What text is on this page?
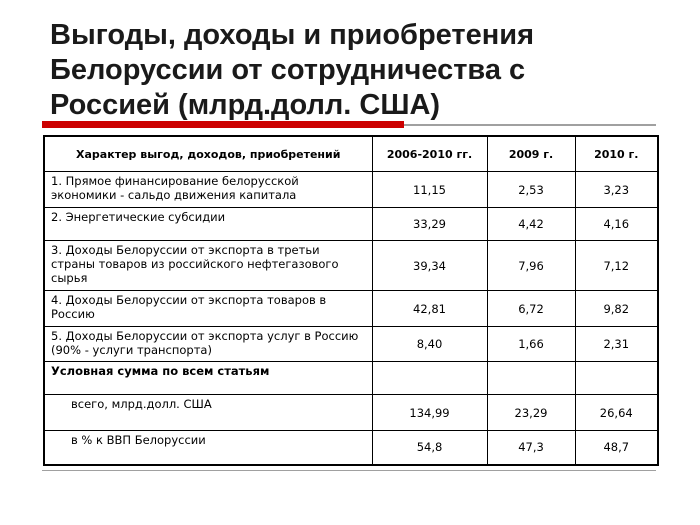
Выгоды, доходы и приобретения
Белоруссии от сотрудничества с
Россией (млрд.долл. США)
Характер выгод, доходов, приобретений	2006-2010 гг.	2009 г.	2010 г.
1. Прямое финансирование белорусской экономики - сальдо движения капитала	11,15	2,53	3,23
2. Энергетические субсидии	33,29	4,42	4,16
3. Доходы Белоруссии от экспорта в третьи страны товаров из российского нефтегазового сырья	39,34	7,96	7,12
4. Доходы Белоруссии от экспорта товаров в Россию	42,81	6,72	9,82
5. Доходы Белоруссии от экспорта услуг в Россию (90% - услуги транспорта)	8,40	1,66	2,31
Условная сумма по всем статьям			
всего, млрд.долл. США	134,99	23,29	26,64
в % к ВВП Белоруссии	54,8	47,3	48,7
